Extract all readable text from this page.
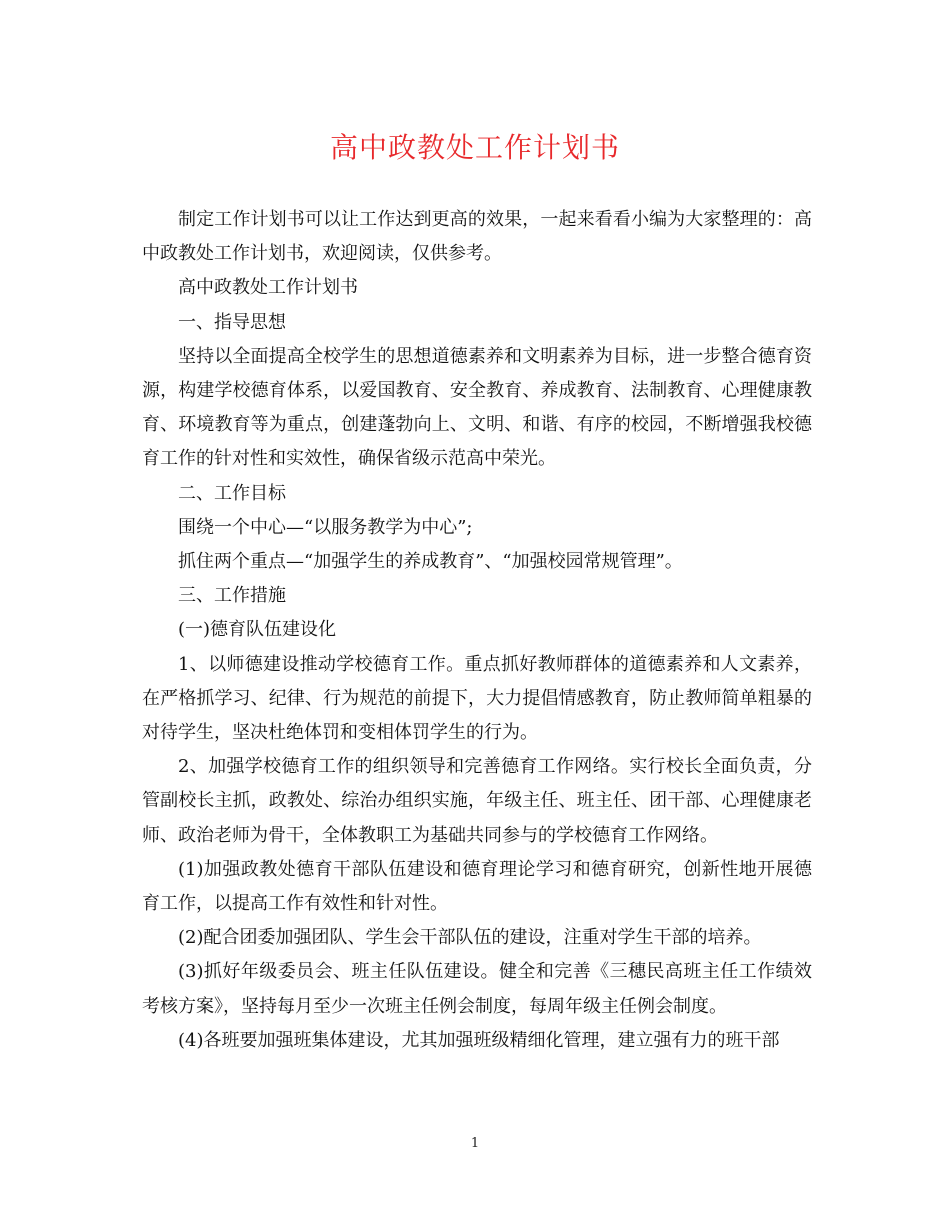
高中政教处工作计划书

制定工作计划书可以让工作达到更高的效果，一起来看看小编为大家整理的：高中政教处工作计划书，欢迎阅读，仅供参考。

高中政教处工作计划书

一、指导思想

坚持以全面提高全校学生的思想道德素养和文明素养为目标，进一步整合德育资源，构建学校德育体系，以爱国教育、安全教育、养成教育、法制教育、心理健康教育、环境教育等为重点，创建蓬勃向上、文明、和谐、有序的校园，不断增强我校德育工作的针对性和实效性，确保省级示范高中荣光。

二、工作目标

围绕一个中心—“以服务教学为中心”;

抓住两个重点—“加强学生的养成教育”、“加强校园常规管理”。

三、工作措施

(一)德育队伍建设化

1、以师德建设推动学校德育工作。重点抓好教师群体的道德素养和人文素养，在严格抓学习、纪律、行为规范的前提下，大力提倡情感教育，防止教师简单粗暴的对待学生，坚决杜绝体罚和变相体罚学生的行为。

2、加强学校德育工作的组织领导和完善德育工作网络。实行校长全面负责，分管副校长主抓，政教处、综治办组织实施，年级主任、班主任、团干部、心理健康老师、政治老师为骨干，全体教职工为基础共同参与的学校德育工作网络。

(1)加强政教处德育干部队伍建设和德育理论学习和德育研究，创新性地开展德育工作，以提高工作有效性和针对性。

(2)配合团委加强团队、学生会干部队伍的建设，注重对学生干部的培养。

(3)抓好年级委员会、班主任队伍建设。健全和完善《三穗民高班主任工作绩效考核方案》，坚持每月至少一次班主任例会制度，每周年级主任例会制度。

(4)各班要加强班集体建设，尤其加强班级精细化管理，建立强有力的班干部

1
